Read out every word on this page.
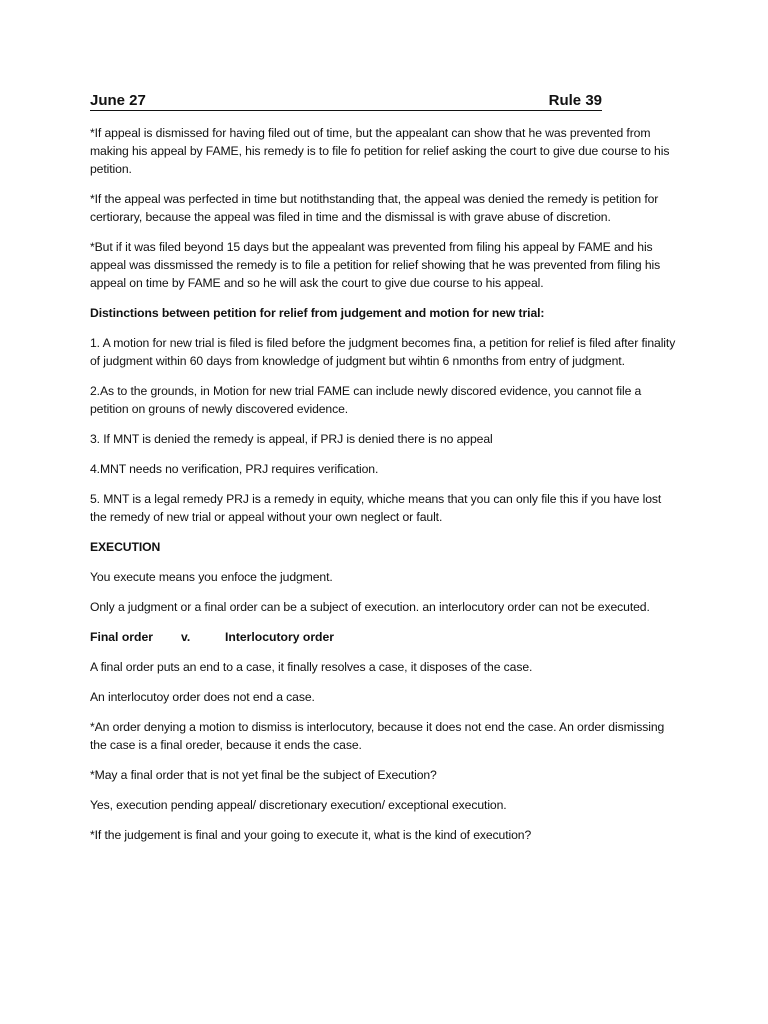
June 27	Rule 39

*If appeal is dismissed for having filed out of time, but the appealant can show that he was prevented from making his appeal by FAME, his remedy is to file fo petition for relief asking the court to give due course to his petition.

*If the appeal was perfected in time but notithstanding that, the appeal was denied the remedy is petition for certiorary, because the appeal was filed in time and the dismissal is with grave abuse of discretion.

*But if it was filed beyond 15 days but the appealant was prevented from filing his appeal by FAME and his appeal was dissmissed the remedy is to file a petition for relief showing that he was prevented from filing his appeal on time by FAME and so he will ask the court to give due course to his appeal.

Distinctions between petition for relief from judgement and motion for new trial:

1. A motion for new trial is filed is filed before the judgment becomes fina, a petition for relief is filed after finality of judgment within 60 days from knowledge of judgment but wihtin 6 nmonths from entry of judgment.

2.As to the grounds, in Motion for new trial FAME can include newly discored evidence, you cannot file a petition on grouns of newly discovered evidence.

3. If MNT is denied the remedy is appeal, if PRJ is denied there is no appeal

4.MNT needs no verification, PRJ requires verification.

5. MNT is a legal remedy PRJ is a remedy in equity, whiche means that you can only file this if you have lost the remedy of new trial or appeal without your own neglect or fault.

EXECUTION

You execute means you enfoce the judgment.

Only a judgment or a final order can be a subject of execution. an interlocutory order can not be executed.

Final order	v.	Interlocutory order

A final order puts an end to a case, it finally resolves a case, it disposes of the case.

An interlocutoy order does not end a case.

*An order denying a motion to dismiss is interlocutory, because it does not end the case. An order dismissing the case is a final oreder, because it ends the case.

*May a final order that is not yet final be the subject of Execution?

Yes, execution pending appeal/ discretionary execution/ exceptional execution.

*If the judgement is final and your going to execute it, what is the kind of execution?
